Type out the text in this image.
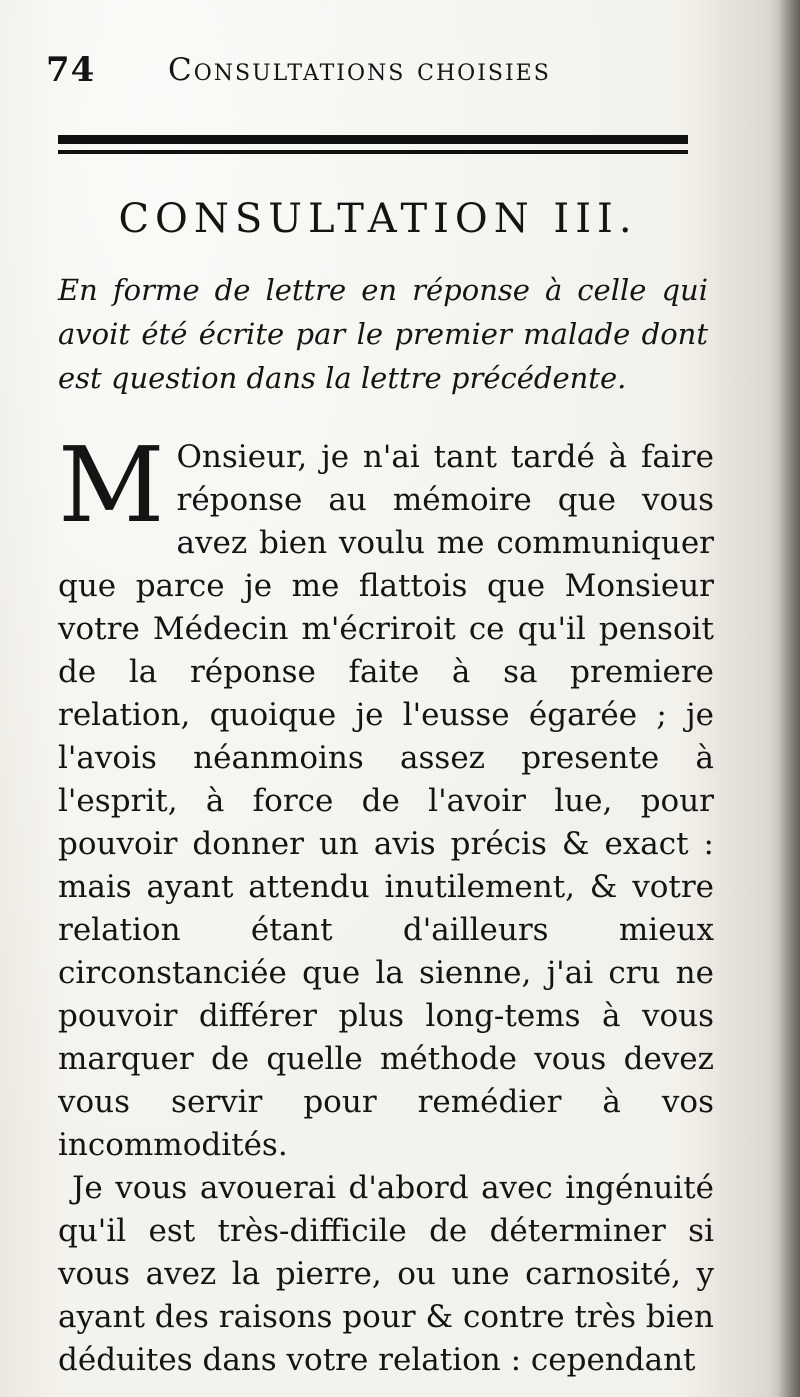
74 Consultations choisies
CONSULTATION III.
En forme de lettre en réponse à celle qui avoit été écrite par le premier malade dont est question dans la lettre précédente.

M Onsieur, je n'ai tant tardé à faire réponse au mémoire que vous avez bien voulu me communiquer que parce je me flattois que Monsieur votre Médecin m'écriroit ce qu'il pensoit de la réponse faite à sa premiere relation, quoique je l'eusse égarée ; je l'avois néanmoins assez presente à l'esprit, à force de l'avoir lue, pour pouvoir donner un avis précis & exact : mais ayant attendu inutilement, & votre relation étant d'ailleurs mieux circonstanciée que la sienne, j'ai cru ne pouvoir différer plus long-tems à vous marquer de quelle méthode vous devez vous servir pour remédier à vos incommodités.

Je vous avouerai d'abord avec ingénuité qu'il est très-difficile de déterminer si vous avez la pierre, ou une carnosité, y ayant des raisons pour & contre très bien déduites dans votre relation : cependant
